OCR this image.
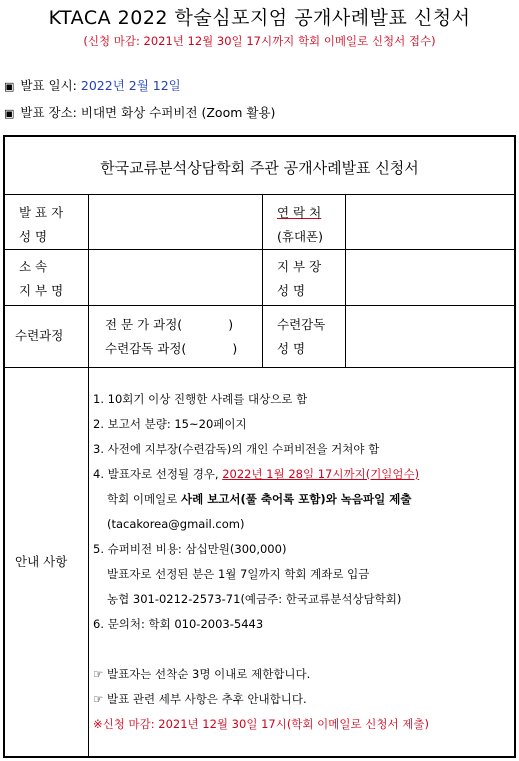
KTACA 2022 학술심포지엄 공개사례발표 신청서
(신청 마감: 2021년 12월 30일 17시까지 학회 이메일로 신청서 접수)
▣ 발표 일시: 2022년 2월 12일
▣ 발표 장소: 비대면 화상 수퍼비전 (Zoom 활용)
한국교류분석상담학회 주관 공개사례발표 신청서
발 표 자
성 명
연 락 처
(휴대폰)
소 속
지 부 명
지 부 장
성 명
수련과정
전 문 가 과정(	)
수련감독 과정(	)
수련감독
성 명
안내 사항
1. 10회기 이상 진행한 사례를 대상으로 함
2. 보고서 분량: 15~20페이지
3. 사전에 지부장(수련감독)의 개인 수퍼비전을 거쳐야 함
4. 발표자로 선정될 경우, 2022년 1월 28일 17시까지(기일엄수)
학회 이메일로 사례 보고서(풀 축어록 포함)와 녹음파일 제출
(tacakorea@gmail.com)
5. 슈퍼비전 비용: 삼십만원(300,000)
발표자로 선정된 분은 1월 7일까지 학회 계좌로 입금
농협 301-0212-2573-71(예금주: 한국교류분석상담학회)
6. 문의처: 학회 010-2003-5443
☞ 발표자는 선착순 3명 이내로 제한합니다.
☞ 발표 관련 세부 사항은 추후 안내합니다.
※신청 마감: 2021년 12월 30일 17시(학회 이메일로 신청서 제출)
